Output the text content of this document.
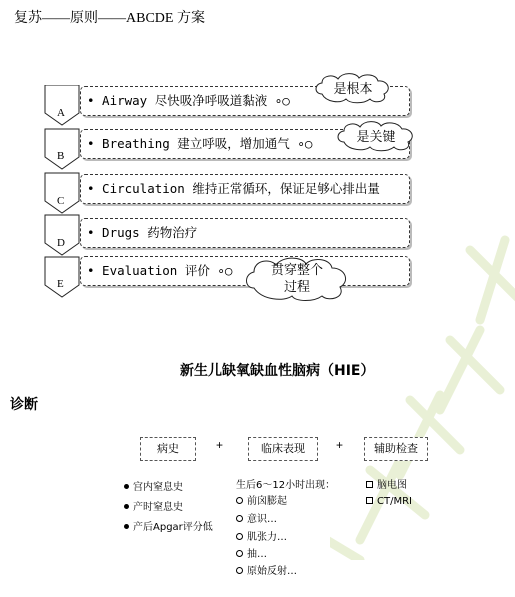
复苏——原则——ABCDE 方案
A
B
C
D
E
• Airway 尽快吸净呼吸道黏液 ∘○
• Breathing 建立呼吸，增加通气 ∘○
• Circulation 维持正常循环，保证足够心排出量
• Drugs 药物治疗
• Evaluation 评价 ∘○
是根本
是关键
贯穿整个
过程
新生儿缺氧缺血性脑病（HIE）
诊断
病史	+	临床表现	+	辅助检查
宫内窒息史
产时窒息史
产后Apgar评分低
生后6～12小时出现：
前囟膨起
意识…
肌张力…
抽…
原始反射…
脑电图
CT/MRI
